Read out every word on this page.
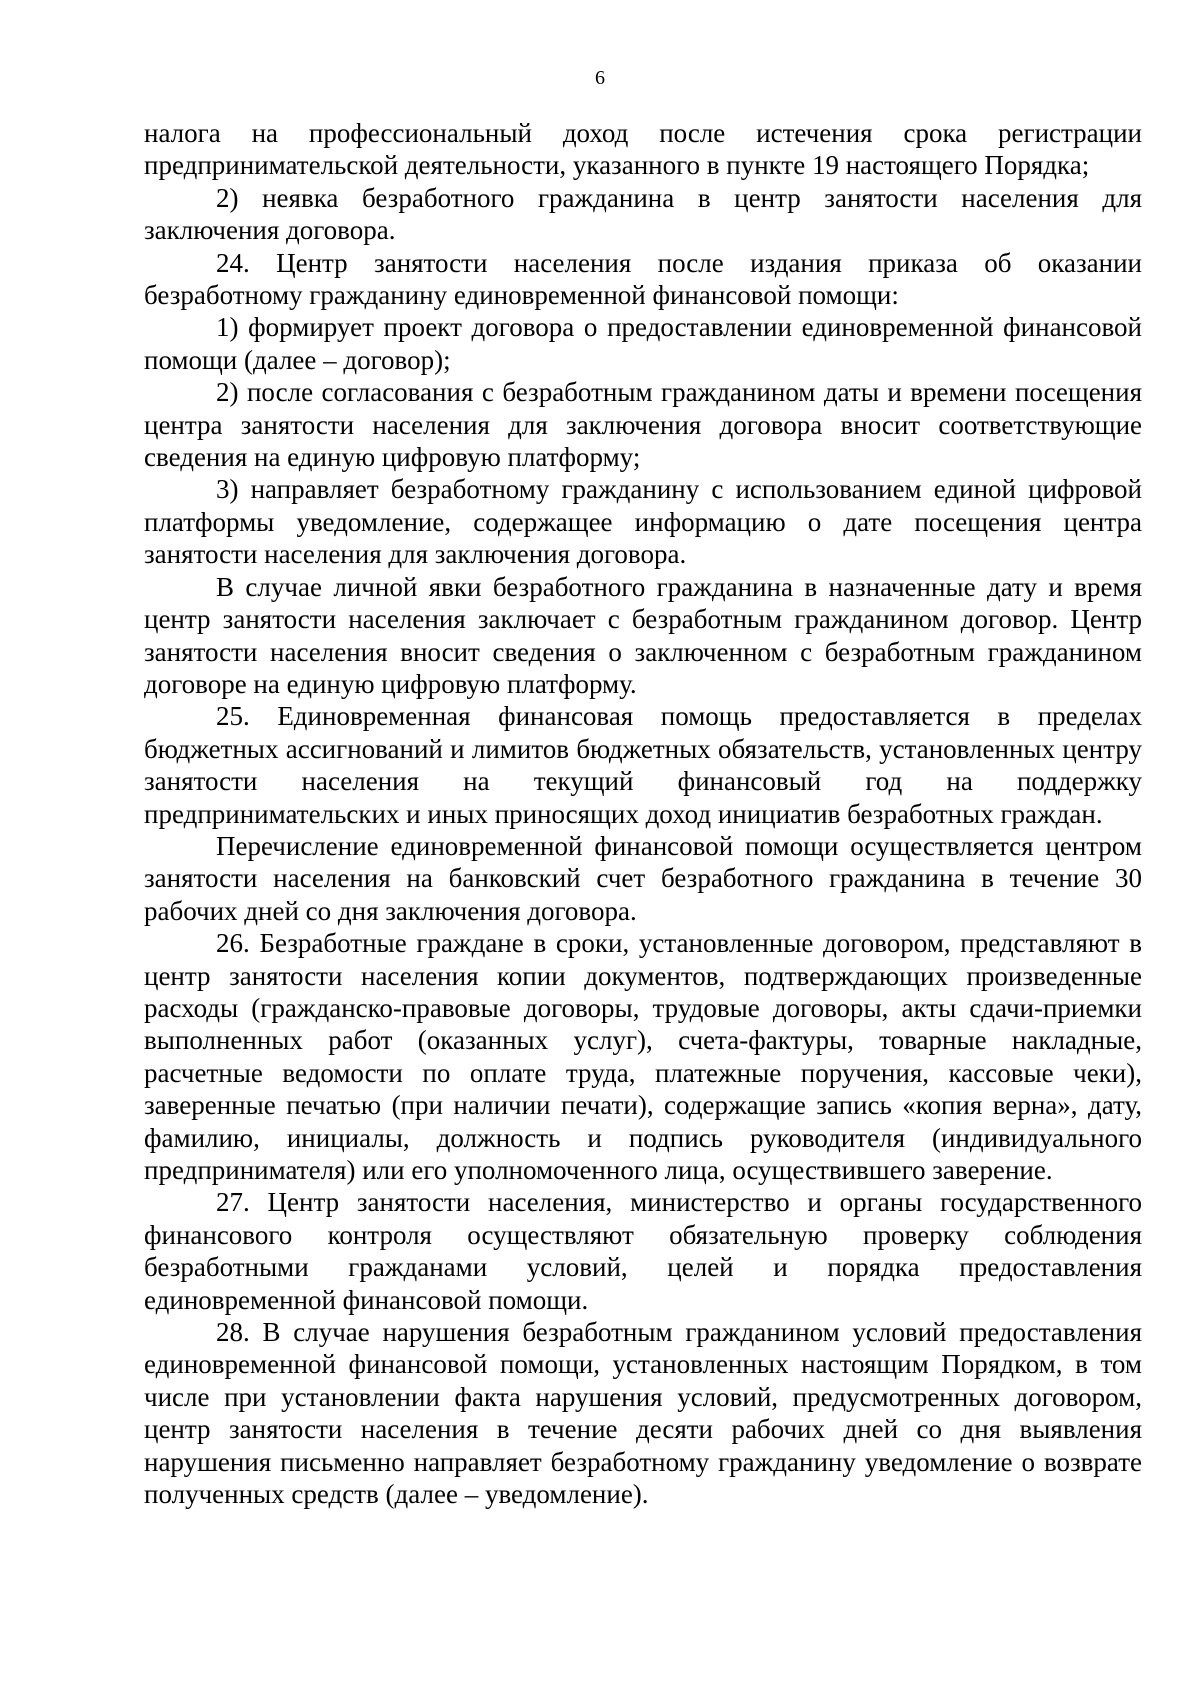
6

налога на профессиональный доход после истечения срока регистрации предпринимательской деятельности, указанного в пункте 19 настоящего Порядка;

2) неявка безработного гражданина в центр занятости населения для заключения договора.

24. Центр занятости населения после издания приказа об оказании безработному гражданину единовременной финансовой помощи:

1) формирует проект договора о предоставлении единовременной финансовой помощи (далее – договор);

2) после согласования с безработным гражданином даты и времени посещения центра занятости населения для заключения договора вносит соответствующие сведения на единую цифровую платформу;

3) направляет безработному гражданину с использованием единой цифровой платформы уведомление, содержащее информацию о дате посещения центра занятости населения для заключения договора.

В случае личной явки безработного гражданина в назначенные дату и время центр занятости населения заключает с безработным гражданином договор. Центр занятости населения вносит сведения о заключенном с безработным гражданином договоре на единую цифровую платформу.

25. Единовременная финансовая помощь предоставляется в пределах бюджетных ассигнований и лимитов бюджетных обязательств, установленных центру занятости населения на текущий финансовый год на поддержку предпринимательских и иных приносящих доход инициатив безработных граждан.

Перечисление единовременной финансовой помощи осуществляется центром занятости населения на банковский счет безработного гражданина в течение 30 рабочих дней со дня заключения договора.

26. Безработные граждане в сроки, установленные договором, представляют в центр занятости населения копии документов, подтверждающих произведенные расходы (гражданско-правовые договоры, трудовые договоры, акты сдачи-приемки выполненных работ (оказанных услуг), счета-фактуры, товарные накладные, расчетные ведомости по оплате труда, платежные поручения, кассовые чеки), заверенные печатью (при наличии печати), содержащие запись «копия верна», дату, фамилию, инициалы, должность и подпись руководителя (индивидуального предпринимателя) или его уполномоченного лица, осуществившего заверение.

27. Центр занятости населения, министерство и органы государственного финансового контроля осуществляют обязательную проверку соблюдения безработными гражданами условий, целей и порядка предоставления единовременной финансовой помощи.

28. В случае нарушения безработным гражданином условий предоставления единовременной финансовой помощи, установленных настоящим Порядком, в том числе при установлении факта нарушения условий, предусмотренных договором, центр занятости населения в течение десяти рабочих дней со дня выявления нарушения письменно направляет безработному гражданину уведомление о возврате полученных средств (далее – уведомление).
